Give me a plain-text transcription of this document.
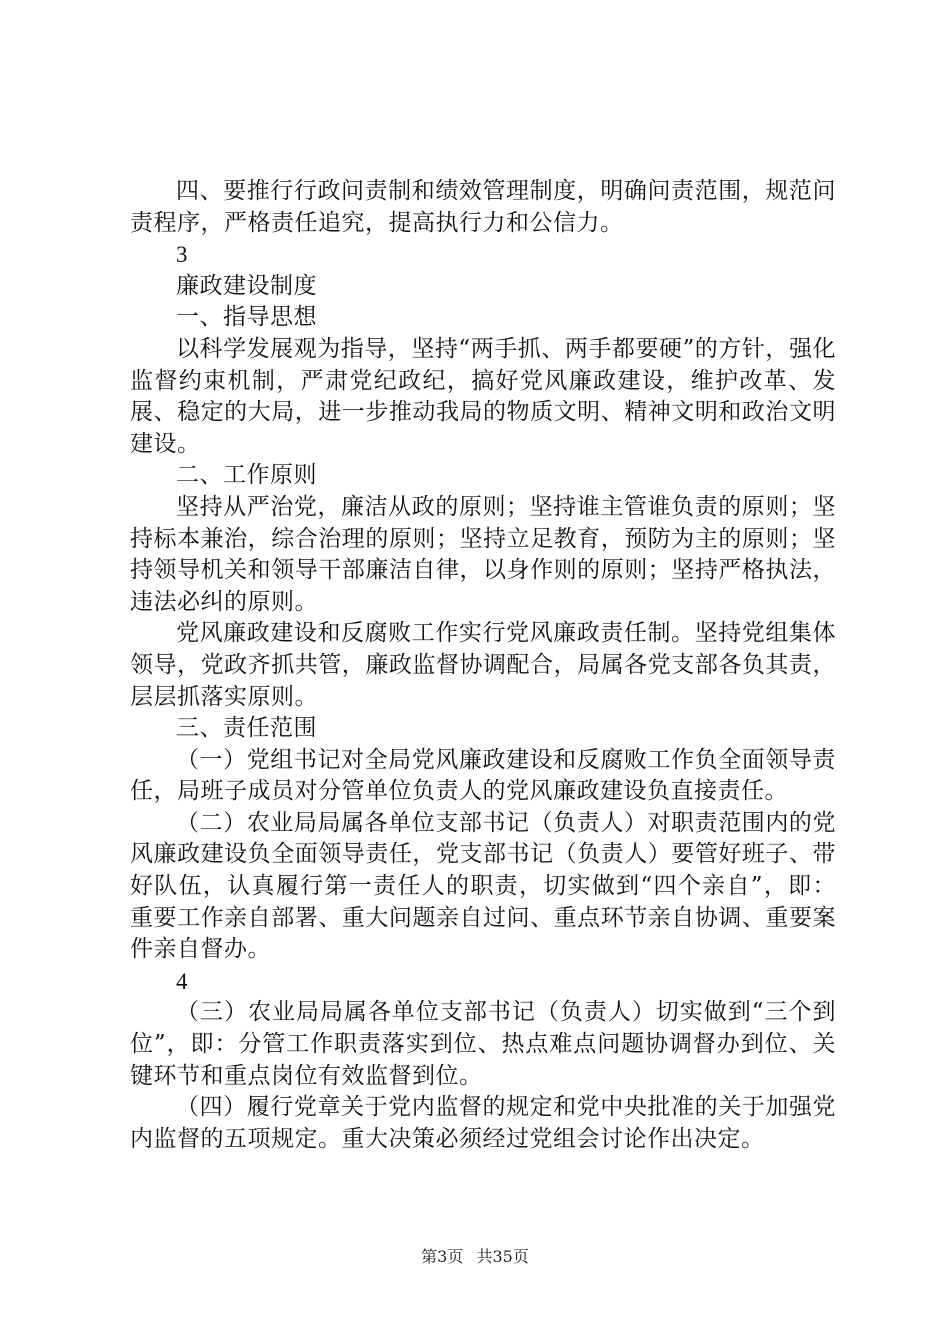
四、要推行行政问责制和绩效管理制度，明确问责范围，规范问责程序，严格责任追究，提高执行力和公信力。

3

廉政建设制度

一、指导思想

以科学发展观为指导，坚持“两手抓、两手都要硬”的方针，强化监督约束机制，严肃党纪政纪，搞好党风廉政建设，维护改革、发展、稳定的大局，进一步推动我局的物质文明、精神文明和政治文明建设。

二、工作原则

坚持从严治党，廉洁从政的原则；坚持谁主管谁负责的原则；坚持标本兼治，综合治理的原则；坚持立足教育，预防为主的原则；坚持领导机关和领导干部廉洁自律，以身作则的原则；坚持严格执法，违法必纠的原则。

党风廉政建设和反腐败工作实行党风廉政责任制。坚持党组集体领导，党政齐抓共管，廉政监督协调配合，局属各党支部各负其责，层层抓落实原则。

三、责任范围

（一）党组书记对全局党风廉政建设和反腐败工作负全面领导责任，局班子成员对分管单位负责人的党风廉政建设负直接责任。

（二）农业局局属各单位支部书记（负责人）对职责范围内的党风廉政建设负全面领导责任，党支部书记（负责人）要管好班子、带好队伍，认真履行第一责任人的职责，切实做到“四个亲自”，即：重要工作亲自部署、重大问题亲自过问、重点环节亲自协调、重要案件亲自督办。

4

（三）农业局局属各单位支部书记（负责人）切实做到“三个到位”，即：分管工作职责落实到位、热点难点问题协调督办到位、关键环节和重点岗位有效监督到位。

（四）履行党章关于党内监督的规定和党中央批准的关于加强党内监督的五项规定。重大决策必须经过党组会讨论作出决定。

第3页 共35页
